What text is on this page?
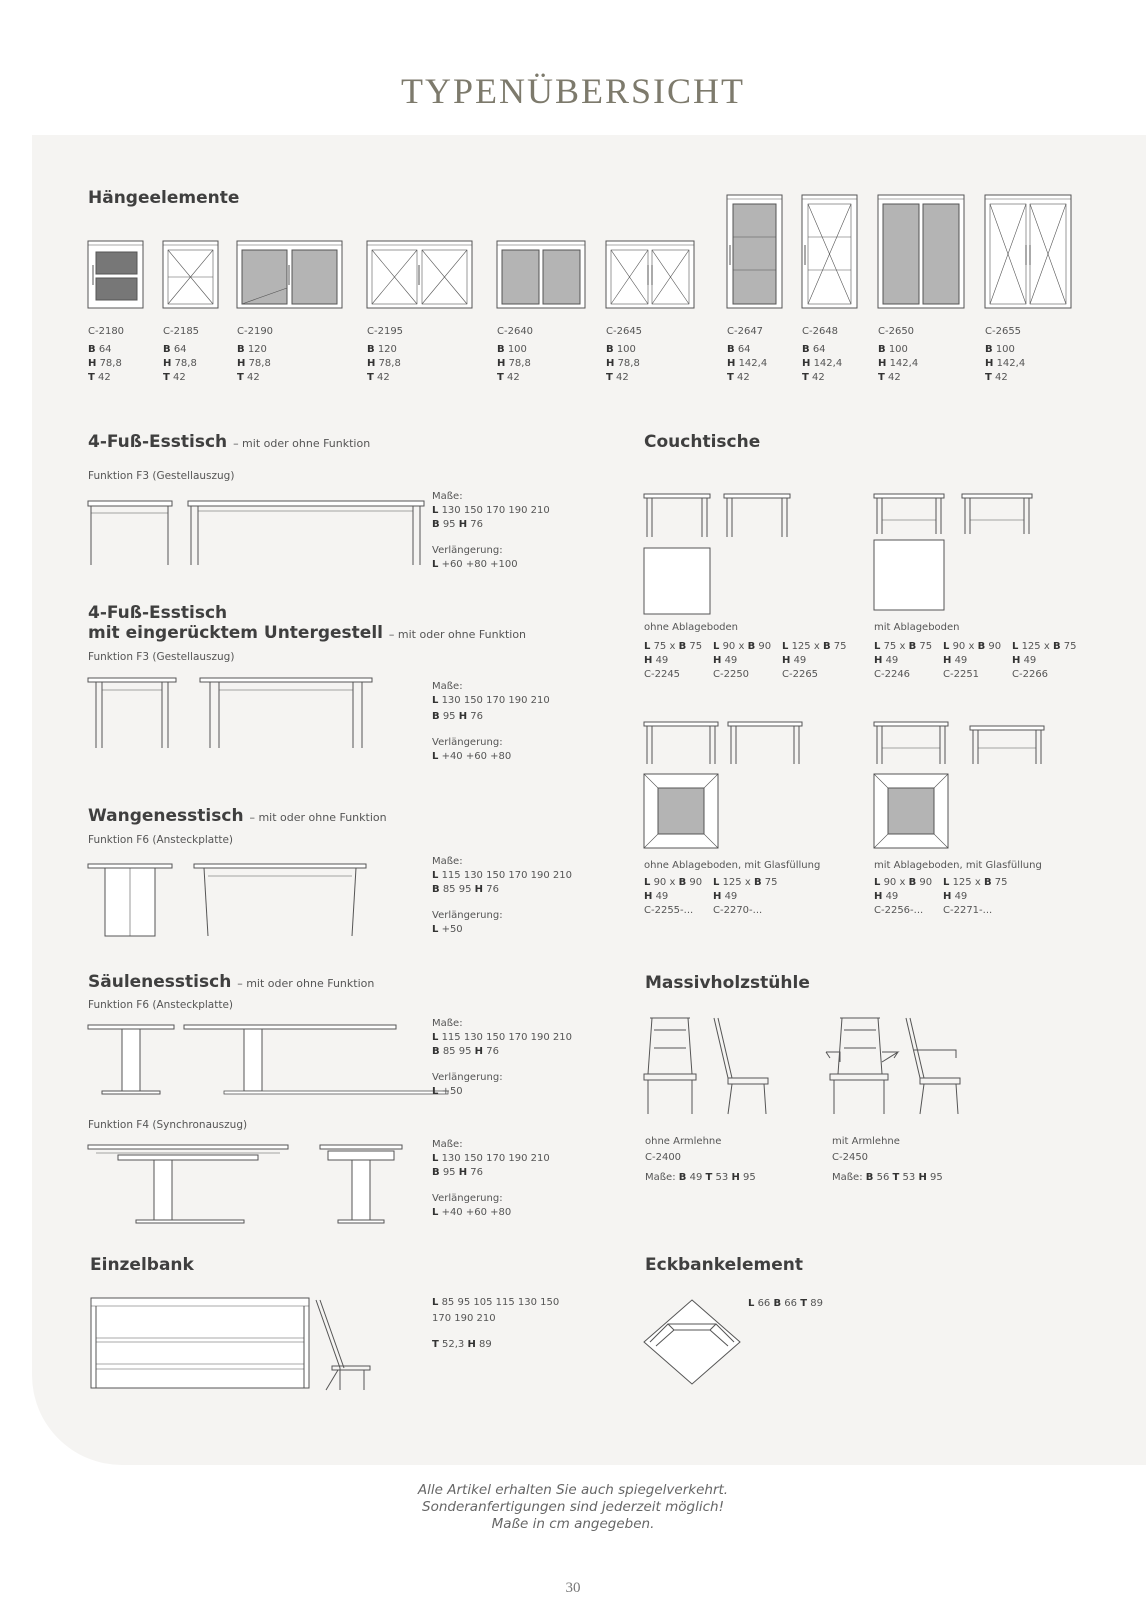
TYPENÜBERSICHT
Hängeelemente
C-2180

B 64
H 78,8
T 42
C-2185

B 64
H 78,8
T 42
C-2190

B 120
H 78,8
T 42
C-2195

B 120
H 78,8
T 42
C-2640

B 100
H 78,8
T 42
C-2645

B 100
H 78,8
T 42
C-2647

B 64
H 142,4
T 42
C-2648

B 64
H 142,4
T 42
C-2650

B 100
H 142,4
T 42
C-2655

B 100
H 142,4
T 42
4-Fuß-Esstisch – mit oder ohne Funktion
Funktion F3 (Gestellauszug)
Maße:
L 130 150 170 190 210
B 95 H 76

Verlängerung:
L +60 +80 +100
4-Fuß-Esstisch
mit eingerücktem Untergestell – mit oder ohne Funktion
Funktion F3 (Gestellauszug)
Maße:
L 130 150 170 190 210

B 95 H 76

Verlängerung:
L +40 +60 +80
Wangenesstisch – mit oder ohne Funktion
Funktion F6 (Ansteckplatte)
Maße:
L 115 130 150 170 190 210
B 85 95 H 76

Verlängerung:
L +50
Säulenesstisch – mit oder ohne Funktion
Funktion F6 (Ansteckplatte)
Maße:
L 115 130 150 170 190 210
B 85 95 H 76

Verlängerung:
L +50
Funktion F4 (Synchronauszug)
Maße:
L 130 150 170 190 210
B 95 H 76

Verlängerung:
L +40 +60 +80
Einzelbank
L 85 95 105 115 130 150

170 190 210

T 52,3 H 89
Couchtische
ohne Ablageboden
L 75 x B 75
H 49
C-2245
L 90 x B 90
H 49
C-2250
L 125 x B 75
H 49
C-2265
mit Ablageboden
L 75 x B 75
H 49
C-2246
L 90 x B 90
H 49
C-2251
L 125 x B 75
H 49
C-2266
ohne Ablageboden, mit Glasfüllung
L 90 x B 90
H 49
C-2255-...
L 125 x B 75
H 49
C-2270-...
mit Ablageboden, mit Glasfüllung
L 90 x B 90
H 49
C-2256-...
L 125 x B 75
H 49
C-2271-...
Massivholzstühle
ohne Armlehne

C-2400

Maße: B 49 T 53 H 95
mit Armlehne

C-2450

Maße: B 56 T 53 H 95
Eckbankelement
L 66 B 66 T 89
Alle Artikel erhalten Sie auch spiegelverkehrt.
Sonderanfertigungen sind jederzeit möglich!
Maße in cm angegeben.
30
